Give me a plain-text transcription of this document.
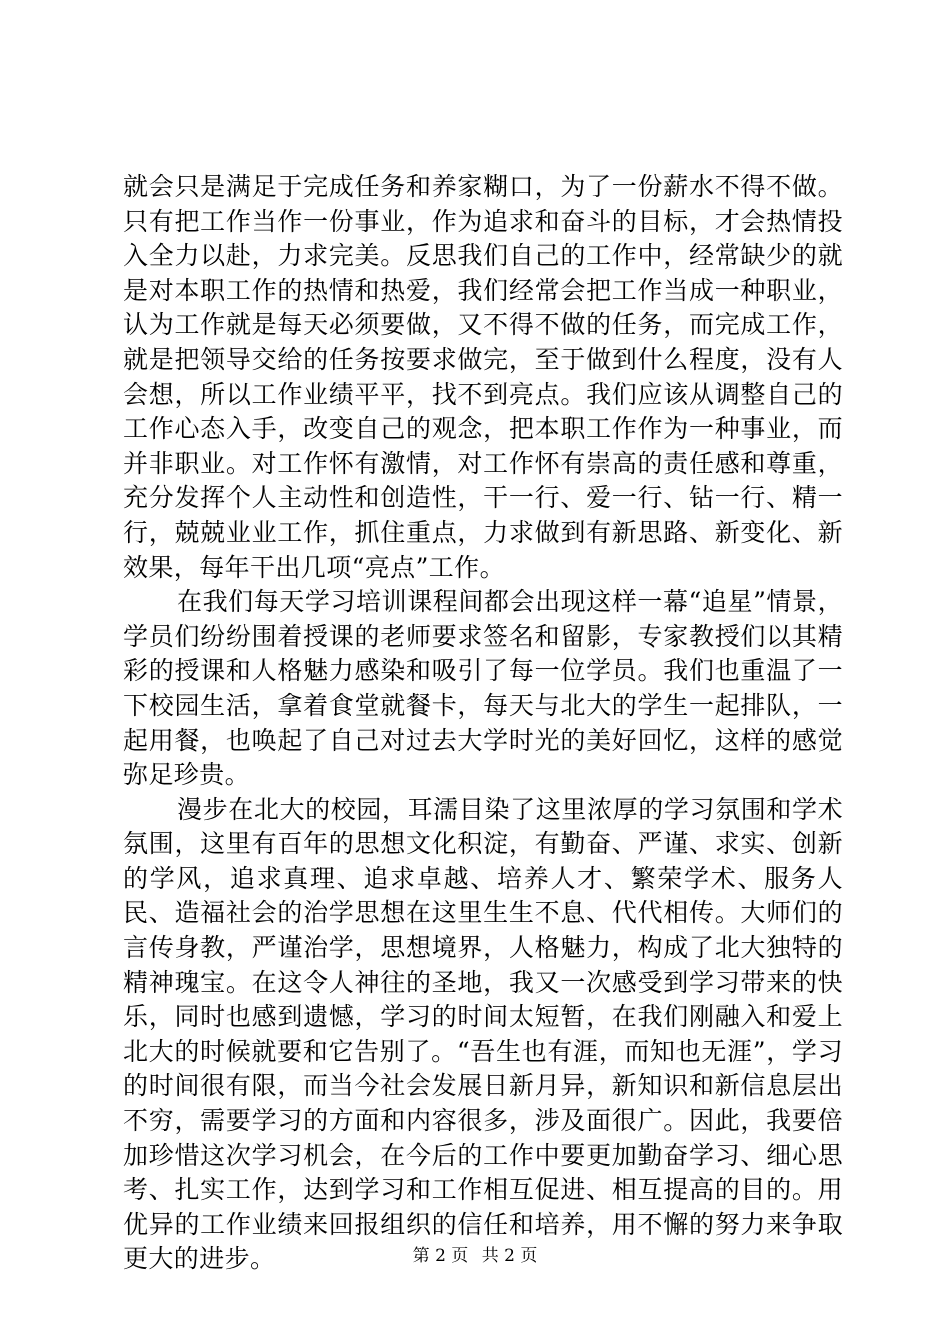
就会只是满足于完成任务和养家糊口，为了一份薪水不得不做。只有把工作当作一份事业，作为追求和奋斗的目标，才会热情投入全力以赴，力求完美。反思我们自己的工作中，经常缺少的就是对本职工作的热情和热爱，我们经常会把工作当成一种职业，认为工作就是每天必须要做，又不得不做的任务，而完成工作，就是把领导交给的任务按要求做完，至于做到什么程度，没有人会想，所以工作业绩平平，找不到亮点。我们应该从调整自己的工作心态入手，改变自己的观念，把本职工作作为一种事业，而并非职业。对工作怀有激情，对工作怀有崇高的责任感和尊重，充分发挥个人主动性和创造性，干一行、爱一行、钻一行、精一行，兢兢业业工作，抓住重点，力求做到有新思路、新变化、新效果，每年干出几项“亮点”工作。

在我们每天学习培训课程间都会出现这样一幕“追星”情景，学员们纷纷围着授课的老师要求签名和留影，专家教授们以其精彩的授课和人格魅力感染和吸引了每一位学员。我们也重温了一下校园生活，拿着食堂就餐卡，每天与北大的学生一起排队，一起用餐，也唤起了自己对过去大学时光的美好回忆，这样的感觉弥足珍贵。

漫步在北大的校园，耳濡目染了这里浓厚的学习氛围和学术氛围，这里有百年的思想文化积淀，有勤奋、严谨、求实、创新的学风，追求真理、追求卓越、培养人才、繁荣学术、服务人民、造福社会的治学思想在这里生生不息、代代相传。大师们的言传身教，严谨治学，思想境界，人格魅力，构成了北大独特的精神瑰宝。在这令人神往的圣地，我又一次感受到学习带来的快乐，同时也感到遗憾，学习的时间太短暂，在我们刚融入和爱上北大的时候就要和它告别了。“吾生也有涯，而知也无涯”，学习的时间很有限，而当今社会发展日新月异，新知识和新信息层出不穷，需要学习的方面和内容很多，涉及面很广。因此，我要倍加珍惜这次学习机会，在今后的工作中要更加勤奋学习、细心思考、扎实工作，达到学习和工作相互促进、相互提高的目的。用优异的工作业绩来回报组织的信任和培养，用不懈的努力来争取更大的进步。	第 2 页 共 2 页
